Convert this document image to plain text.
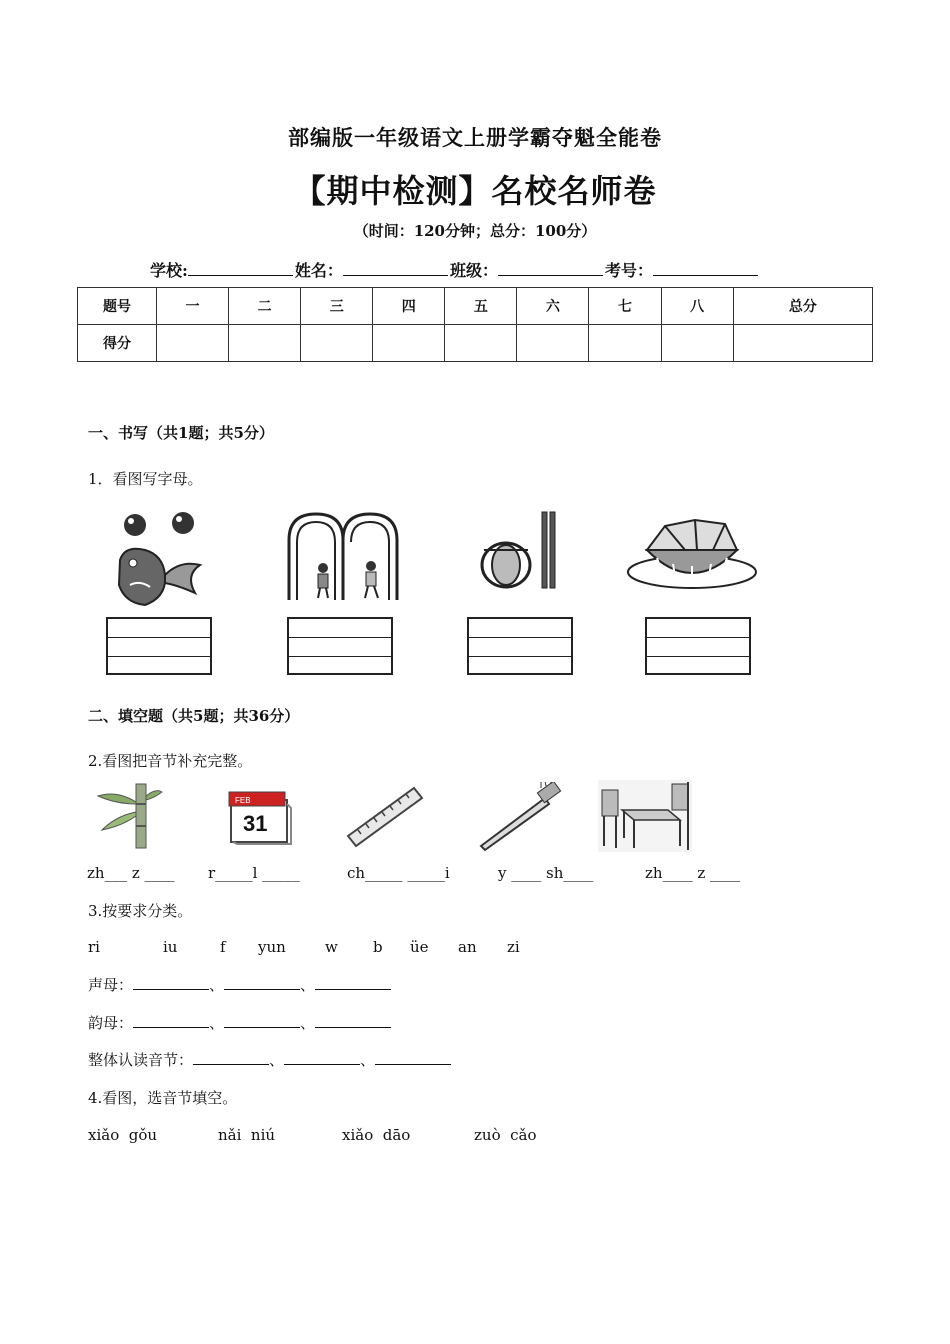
部编版一年级语文上册学霸夺魁全能卷
【期中检测】名校名师卷
（时间：120分钟；总分：100分）
学校:	姓名：	班级：	考号：
题号	一	二	三	四	五	六	七	八	总分
得分									
一、书写（共1题；共5分）
1．看图写字母。
二、填空题（共5题；共36分）
2.看图把音节补充完整。
FEB
31
zh___ z ____ r_____l _____	ch_____ _____i	y ____ sh____	zh____ z ____
3.按要求分类。
ri	iu	f yun	w b üe an zi
声母：	、	、
韵母：	、	、
整体认读音节：	、	、
4.看图，选音节填空。
xiǎo  gǒu	nǎi  niú	xiǎo  dāo	zuò  cǎo
